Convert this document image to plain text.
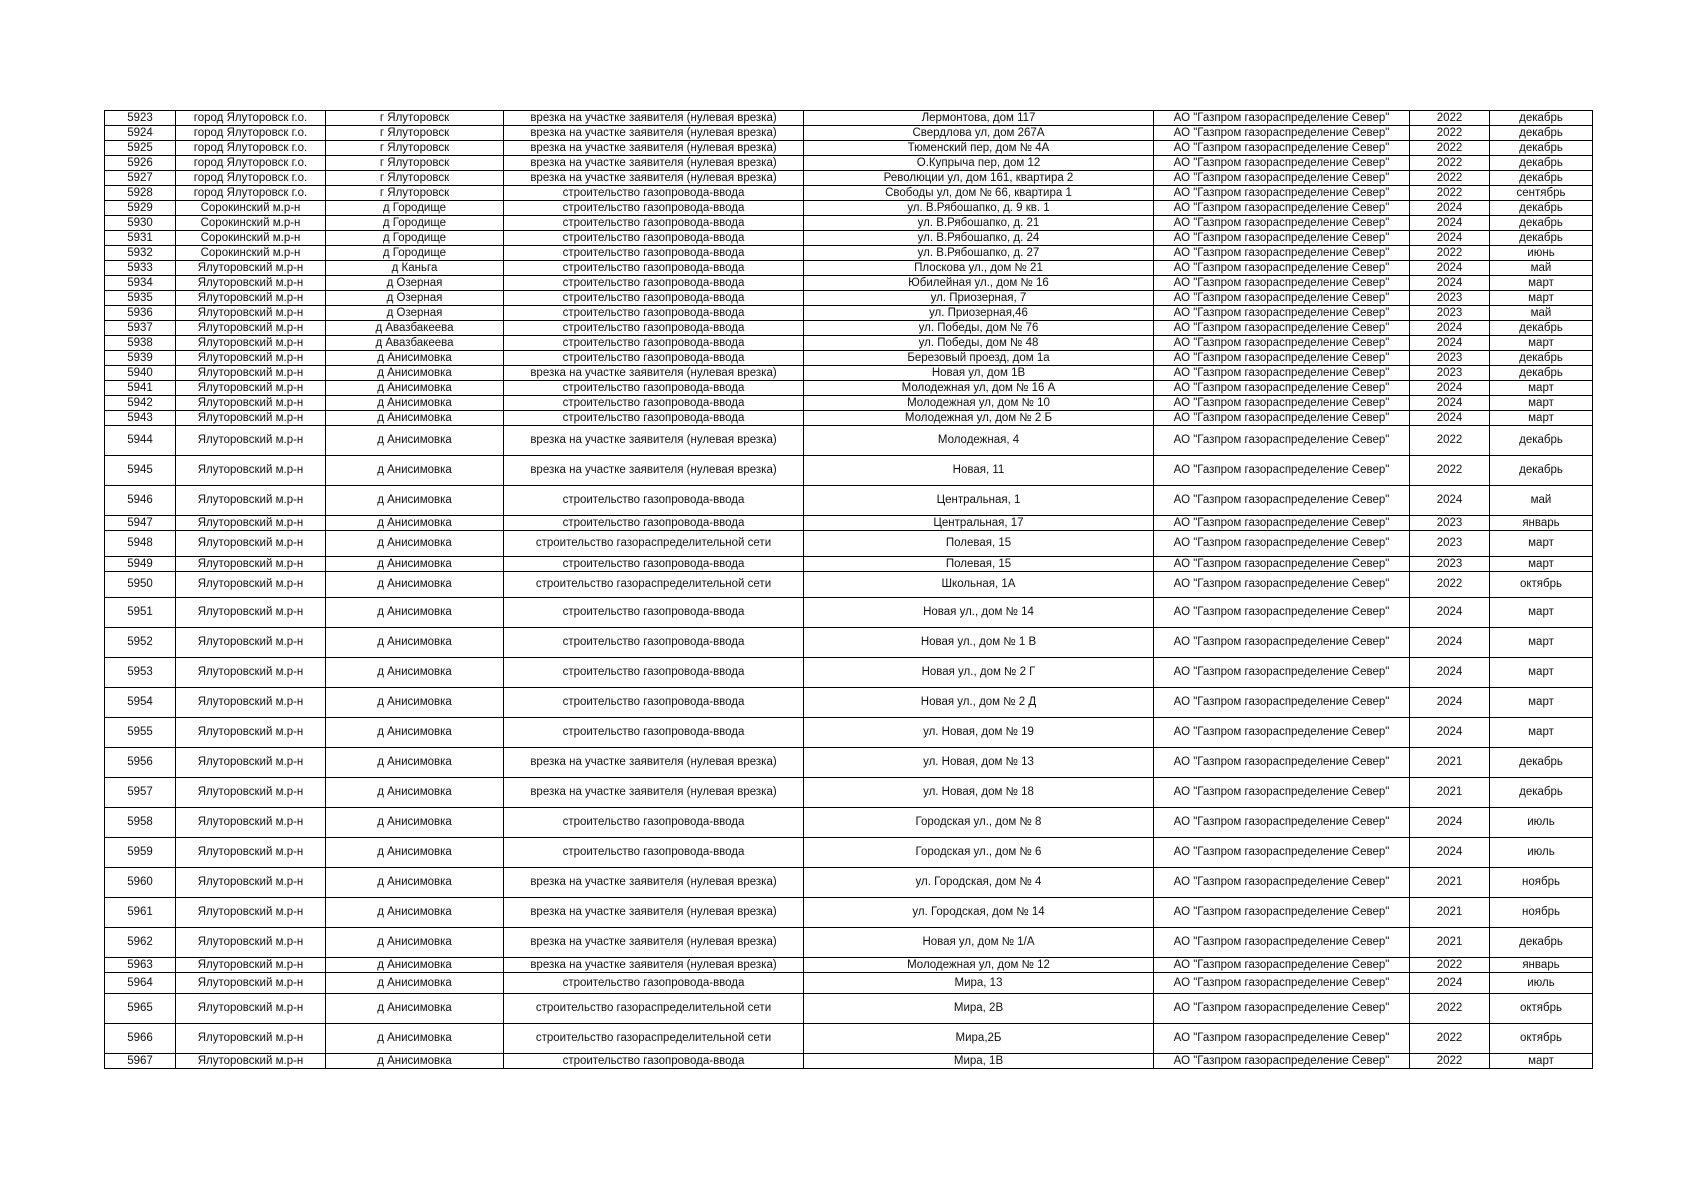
5923	город Ялуторовск г.о.	г Ялуторовск	врезка на участке заявителя (нулевая врезка)	Лермонтова, дом 117	АО "Газпром газораспределение Север"	2022	декабрь
5924	город Ялуторовск г.о.	г Ялуторовск	врезка на участке заявителя (нулевая врезка)	Свердлова ул, дом 267А	АО "Газпром газораспределение Север"	2022	декабрь
5925	город Ялуторовск г.о.	г Ялуторовск	врезка на участке заявителя (нулевая врезка)	Тюменский пер, дом № 4А	АО "Газпром газораспределение Север"	2022	декабрь
5926	город Ялуторовск г.о.	г Ялуторовск	врезка на участке заявителя (нулевая врезка)	О.Купрыча пер, дом 12	АО "Газпром газораспределение Север"	2022	декабрь
5927	город Ялуторовск г.о.	г Ялуторовск	врезка на участке заявителя (нулевая врезка)	Революции ул, дом 161, квартира 2	АО "Газпром газораспределение Север"	2022	декабрь
5928	город Ялуторовск г.о.	г Ялуторовск	строительство газопровода-ввода	Свободы ул, дом № 66, квартира 1	АО "Газпром газораспределение Север"	2022	сентябрь
5929	Сорокинский м.р-н	д Городище	строительство газопровода-ввода	ул. В.Рябошапко, д. 9 кв. 1	АО "Газпром газораспределение Север"	2024	декабрь
5930	Сорокинский м.р-н	д Городище	строительство газопровода-ввода	ул. В.Рябошапко, д. 21	АО "Газпром газораспределение Север"	2024	декабрь
5931	Сорокинский м.р-н	д Городище	строительство газопровода-ввода	ул. В.Рябошапко, д. 24	АО "Газпром газораспределение Север"	2024	декабрь
5932	Сорокинский м.р-н	д Городище	строительство газопровода-ввода	ул. В.Рябошапко, д. 27	АО "Газпром газораспределение Север"	2022	июнь
5933	Ялуторовский м.р-н	д Каньга	строительство газопровода-ввода	Плоскова ул., дом № 21	АО "Газпром газораспределение Север"	2024	май
5934	Ялуторовский м.р-н	д Озерная	строительство газопровода-ввода	Юбилейная ул., дом № 16	АО "Газпром газораспределение Север"	2024	март
5935	Ялуторовский м.р-н	д Озерная	строительство газопровода-ввода	ул. Приозерная, 7	АО "Газпром газораспределение Север"	2023	март
5936	Ялуторовский м.р-н	д Озерная	строительство газопровода-ввода	ул. Приозерная,46	АО "Газпром газораспределение Север"	2023	май
5937	Ялуторовский м.р-н	д Авазбакеева	строительство газопровода-ввода	ул. Победы, дом № 76	АО "Газпром газораспределение Север"	2024	декабрь
5938	Ялуторовский м.р-н	д Авазбакеева	строительство газопровода-ввода	ул. Победы, дом № 48	АО "Газпром газораспределение Север"	2024	март
5939	Ялуторовский м.р-н	д Анисимовка	строительство газопровода-ввода	Березовый проезд, дом 1а	АО "Газпром газораспределение Север"	2023	декабрь
5940	Ялуторовский м.р-н	д Анисимовка	врезка на участке заявителя (нулевая врезка)	Новая ул, дом 1В	АО "Газпром газораспределение Север"	2023	декабрь
5941	Ялуторовский м.р-н	д Анисимовка	строительство газопровода-ввода	Молодежная ул, дом № 16 А	АО "Газпром газораспределение Север"	2024	март
5942	Ялуторовский м.р-н	д Анисимовка	строительство газопровода-ввода	Молодежная ул, дом № 10	АО "Газпром газораспределение Север"	2024	март
5943	Ялуторовский м.р-н	д Анисимовка	строительство газопровода-ввода	Молодежная ул, дом № 2 Б	АО "Газпром газораспределение Север"	2024	март
5944	Ялуторовский м.р-н	д Анисимовка	врезка на участке заявителя (нулевая врезка)	Молодежная, 4	АО "Газпром газораспределение Север"	2022	декабрь
5945	Ялуторовский м.р-н	д Анисимовка	врезка на участке заявителя (нулевая врезка)	Новая, 11	АО "Газпром газораспределение Север"	2022	декабрь
5946	Ялуторовский м.р-н	д Анисимовка	строительство газопровода-ввода	Центральная, 1	АО "Газпром газораспределение Север"	2024	май
5947	Ялуторовский м.р-н	д Анисимовка	строительство газопровода-ввода	Центральная, 17	АО "Газпром газораспределение Север"	2023	январь
5948	Ялуторовский м.р-н	д Анисимовка	строительство газораспределительной сети	Полевая, 15	АО "Газпром газораспределение Север"	2023	март
5949	Ялуторовский м.р-н	д Анисимовка	строительство газопровода-ввода	Полевая, 15	АО "Газпром газораспределение Север"	2023	март
5950	Ялуторовский м.р-н	д Анисимовка	строительство газораспределительной сети	Школьная, 1А	АО "Газпром газораспределение Север"	2022	октябрь
5951	Ялуторовский м.р-н	д Анисимовка	строительство газопровода-ввода	Новая ул., дом № 14	АО "Газпром газораспределение Север"	2024	март
5952	Ялуторовский м.р-н	д Анисимовка	строительство газопровода-ввода	Новая ул., дом № 1 В	АО "Газпром газораспределение Север"	2024	март
5953	Ялуторовский м.р-н	д Анисимовка	строительство газопровода-ввода	Новая ул., дом № 2 Г	АО "Газпром газораспределение Север"	2024	март
5954	Ялуторовский м.р-н	д Анисимовка	строительство газопровода-ввода	Новая ул., дом № 2 Д	АО "Газпром газораспределение Север"	2024	март
5955	Ялуторовский м.р-н	д Анисимовка	строительство газопровода-ввода	ул. Новая, дом № 19	АО "Газпром газораспределение Север"	2024	март
5956	Ялуторовский м.р-н	д Анисимовка	врезка на участке заявителя (нулевая врезка)	ул. Новая, дом № 13	АО "Газпром газораспределение Север"	2021	декабрь
5957	Ялуторовский м.р-н	д Анисимовка	врезка на участке заявителя (нулевая врезка)	ул. Новая, дом № 18	АО "Газпром газораспределение Север"	2021	декабрь
5958	Ялуторовский м.р-н	д Анисимовка	строительство газопровода-ввода	Городская ул., дом № 8	АО "Газпром газораспределение Север"	2024	июль
5959	Ялуторовский м.р-н	д Анисимовка	строительство газопровода-ввода	Городская ул., дом № 6	АО "Газпром газораспределение Север"	2024	июль
5960	Ялуторовский м.р-н	д Анисимовка	врезка на участке заявителя (нулевая врезка)	ул. Городская, дом № 4	АО "Газпром газораспределение Север"	2021	ноябрь
5961	Ялуторовский м.р-н	д Анисимовка	врезка на участке заявителя (нулевая врезка)	ул. Городская, дом № 14	АО "Газпром газораспределение Север"	2021	ноябрь
5962	Ялуторовский м.р-н	д Анисимовка	врезка на участке заявителя (нулевая врезка)	Новая ул, дом № 1/А	АО "Газпром газораспределение Север"	2021	декабрь
5963	Ялуторовский м.р-н	д Анисимовка	врезка на участке заявителя (нулевая врезка)	Молодежная ул, дом № 12	АО "Газпром газораспределение Север"	2022	январь
5964	Ялуторовский м.р-н	д Анисимовка	строительство газопровода-ввода	Мира, 13	АО "Газпром газораспределение Север"	2024	июль
5965	Ялуторовский м.р-н	д Анисимовка	строительство газораспределительной сети	Мира, 2В	АО "Газпром газораспределение Север"	2022	октябрь
5966	Ялуторовский м.р-н	д Анисимовка	строительство газораспределительной сети	Мира,2Б	АО "Газпром газораспределение Север"	2022	октябрь
5967	Ялуторовский м.р-н	д Анисимовка	строительство газопровода-ввода	Мира, 1В	АО "Газпром газораспределение Север"	2022	март
